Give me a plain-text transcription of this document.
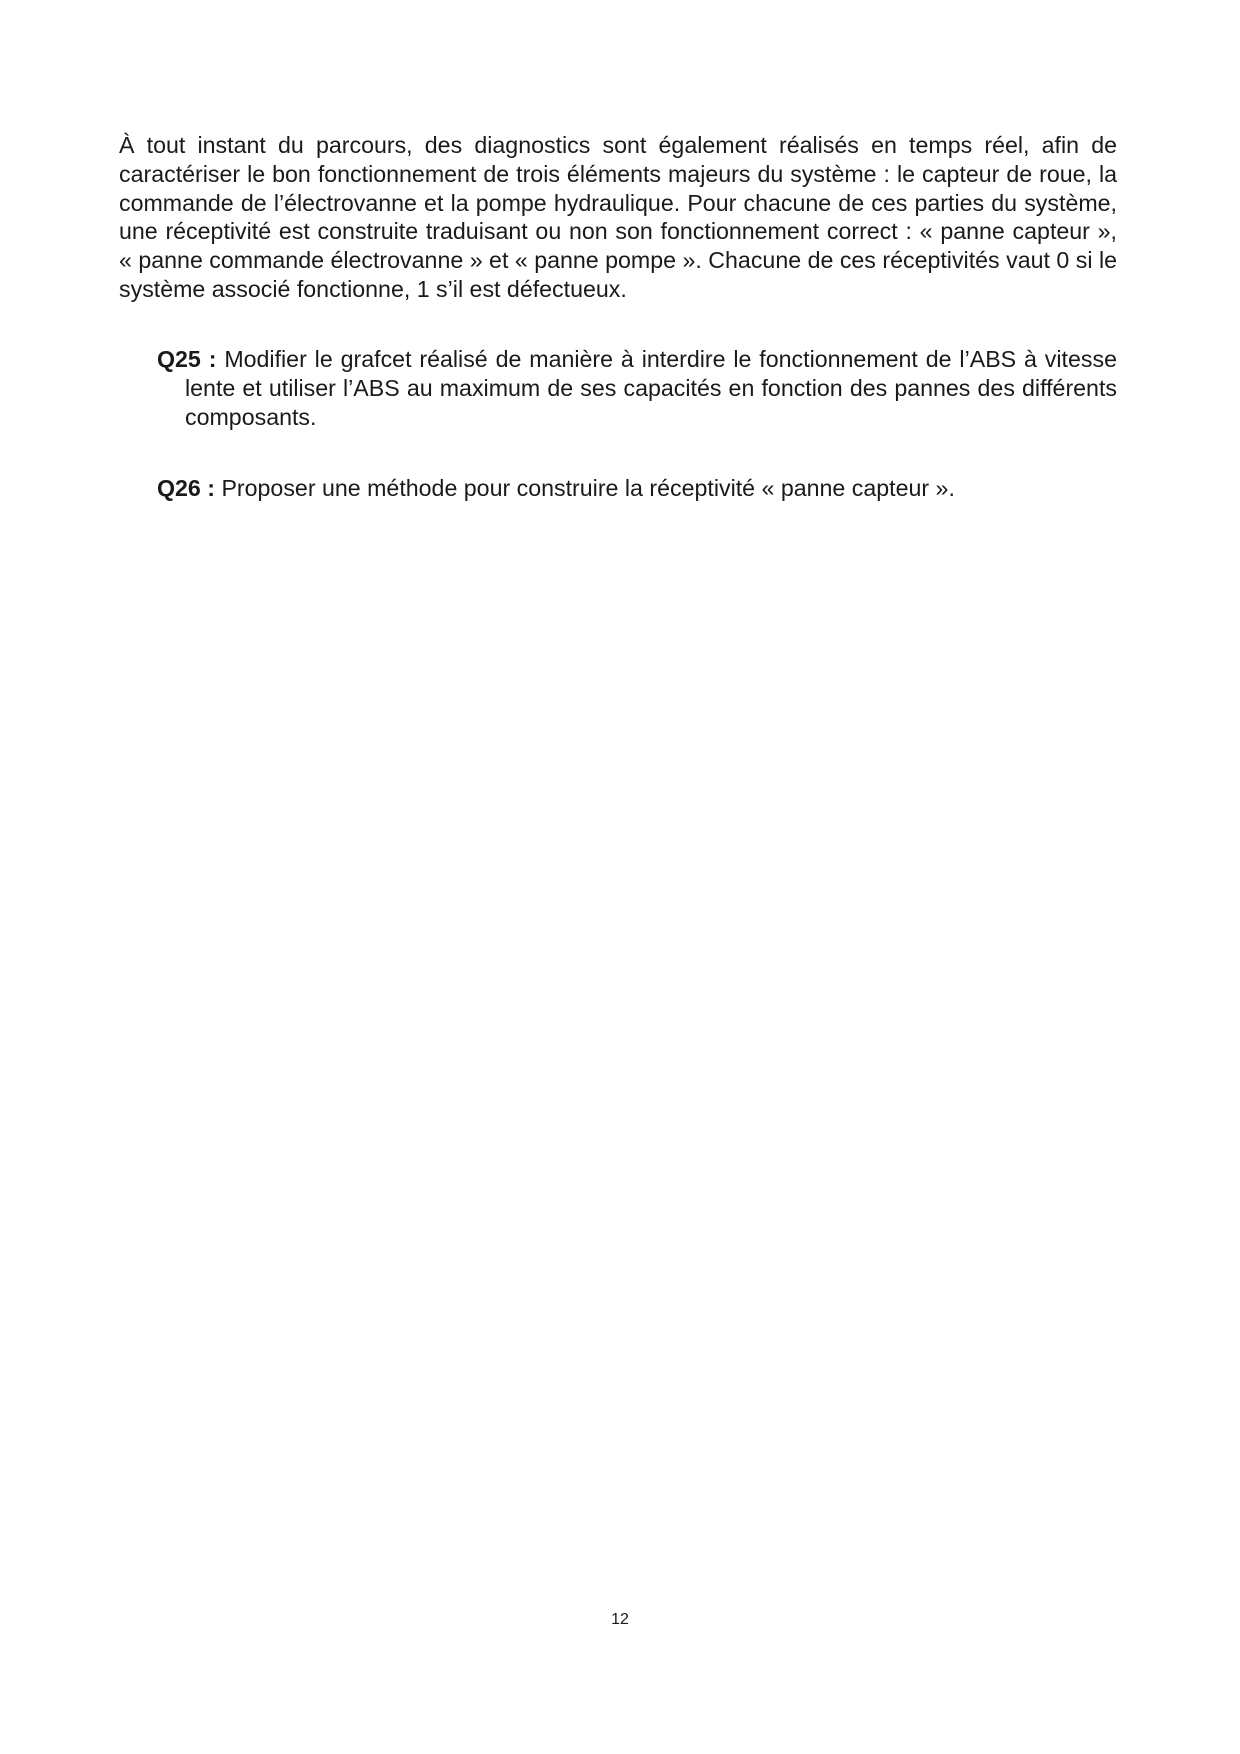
À tout instant du parcours, des diagnostics sont également réalisés en temps réel, afin de caractériser le bon fonctionnement de trois éléments majeurs du système : le capteur de roue, la commande de l’électrovanne et la pompe hydraulique. Pour chacune de ces parties du système, une réceptivité est construite traduisant ou non son fonctionnement correct : « panne capteur », « panne commande électrovanne » et « panne pompe ». Chacune de ces réceptivités vaut 0 si le système associé fonctionne, 1 s’il est défectueux.

Q25 : Modifier le grafcet réalisé de manière à interdire le fonctionnement de l’ABS à vitesse lente et utiliser l’ABS au maximum de ses capacités en fonction des pannes des différents composants.

Q26 : Proposer une méthode pour construire la réceptivité « panne capteur ».

12
